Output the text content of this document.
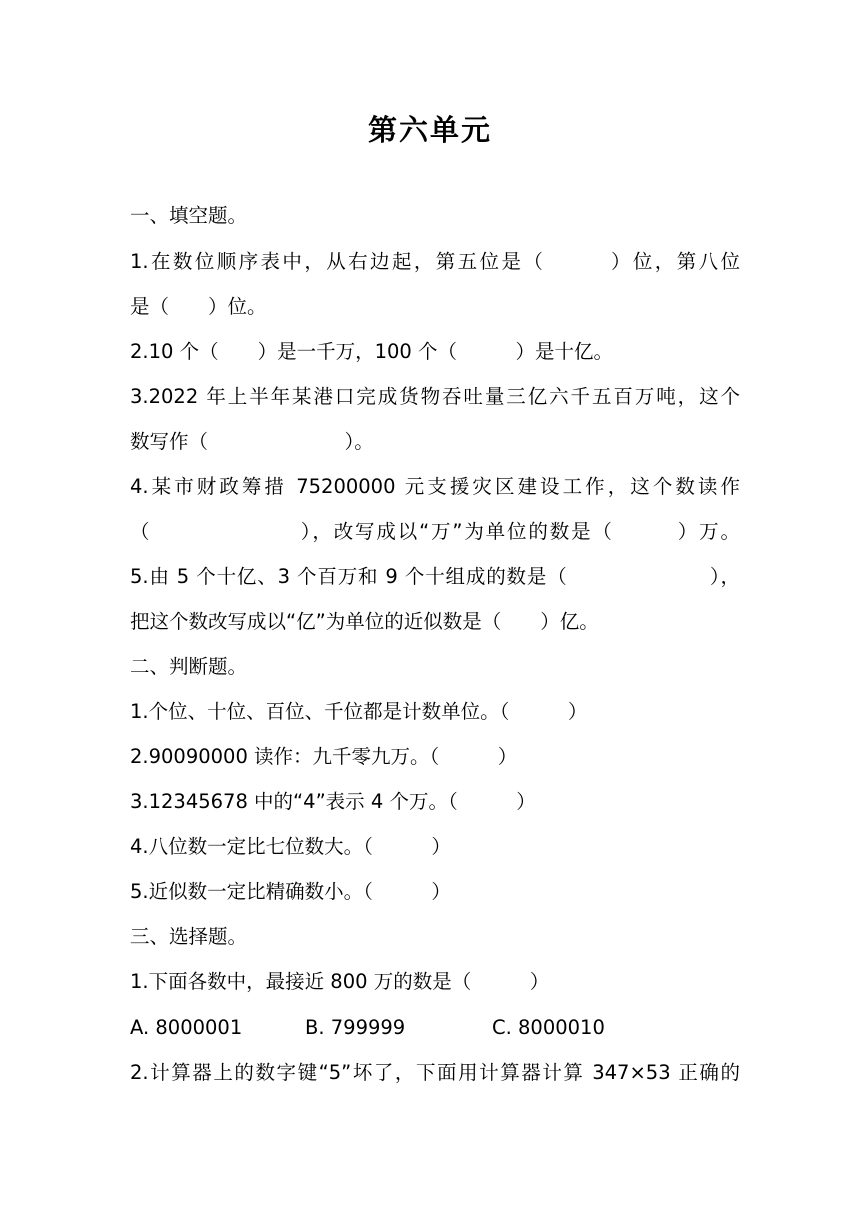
第六单元
一、填空题。
1.在数位顺序表中，从右边起，第五位是（　　　）位，第八位
是（　　）位。
2.10 个（　　）是一千万，100 个（　　　）是十亿。
3.2022 年上半年某港口完成货物吞吐量三亿六千五百万吨，这个
数写作（　　　　　　　）。
4.某市财政筹措 75200000 元支援灾区建设工作，这个数读作
（　　　　　　　），改写成以“万”为单位的数是（　　　）万。
5.由 5 个十亿、3 个百万和 9 个十组成的数是（　　　　　　　），
把这个数改写成以“亿”为单位的近似数是（　　）亿。
二、判断题。
1.个位、十位、百位、千位都是计数单位。（　　　）
2.90090000 读作：九千零九万。（　　　）
3.12345678 中的“4”表示 4 个万。（　　　）
4.八位数一定比七位数大。（　　　）
5.近似数一定比精确数小。（　　　）
三、选择题。
1.下面各数中，最接近 800 万的数是（　　　）
A. 8000001	B. 799999	C. 8000010
2.计算器上的数字键“5”坏了，下面用计算器计算 347×53 正确的
